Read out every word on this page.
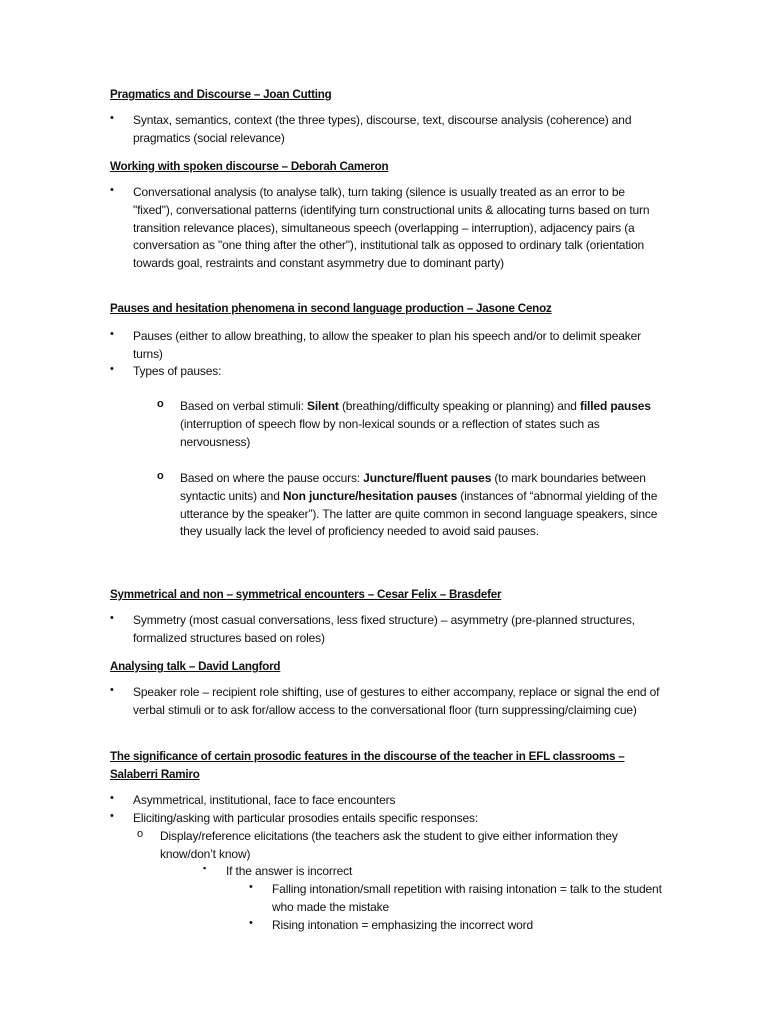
Pragmatics and Discourse – Joan Cutting
• Syntax, semantics, context (the three types), discourse, text, discourse analysis (coherence) and pragmatics (social relevance)
Working with spoken discourse – Deborah Cameron
• Conversational analysis (to analyse talk), turn taking (silence is usually treated as an error to be "fixed"), conversational patterns (identifying turn constructional units & allocating turns based on turn transition relevance places), simultaneous speech (overlapping – interruption), adjacency pairs (a conversation as "one thing after the other"), institutional talk as opposed to ordinary talk (orientation towards goal, restraints and constant asymmetry due to dominant party)
Pauses and hesitation phenomena in second language production – Jasone Cenoz
• Pauses (either to allow breathing, to allow the speaker to plan his speech and/or to delimit speaker turns)
• Types of pauses:
o Based on verbal stimuli: Silent (breathing/difficulty speaking or planning) and filled pauses (interruption of speech flow by non-lexical sounds or a reflection of states such as nervousness)
o Based on where the pause occurs: Juncture/fluent pauses (to mark boundaries between syntactic units) and Non juncture/hesitation pauses (instances of “abnormal yielding of the utterance by the speaker”). The latter are quite common in second language speakers, since they usually lack the level of proficiency needed to avoid said pauses.
Symmetrical and non – symmetrical encounters – Cesar Felix – Brasdefer
• Symmetry (most casual conversations, less fixed structure) – asymmetry (pre-planned structures, formalized structures based on roles)
Analysing talk – David Langford
• Speaker role – recipient role shifting, use of gestures to either accompany, replace or signal the end of verbal stimuli or to ask for/allow access to the conversational floor (turn suppressing/claiming cue)
The significance of certain prosodic features in the discourse of the teacher in EFL classrooms – Salaberri Ramiro
• Asymmetrical, institutional, face to face encounters
• Eliciting/asking with particular prosodies entails specific responses:
o Display/reference elicitations (the teachers ask the student to give either information they know/don’t know)
▪ If the answer is incorrect
• Falling intonation/small repetition with raising intonation = talk to the student who made the mistake
• Rising intonation = emphasizing the incorrect word
